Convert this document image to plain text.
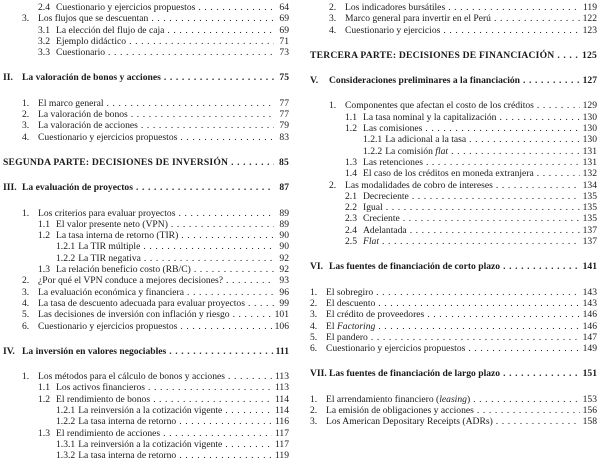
2.4 Cuestionario y ejercicios propuestos . . .	64
3. Los flujos que se descuentan . . .	69
3.1 La elección del flujo de caja . . .	69
3.2 Ejemplo didáctico . . .	71
3.3 Cuestionario . . .	73
II. La valoración de bonos y acciones . . .	75
1. El marco general . . .	77
2. La valoración de bonos . . .	77
3. La valoración de acciones . . .	79
4. Cuestionario y ejercicios propuestos . . .	83
SEGUNDA PARTE: DECISIONES DE INVERSIÓN . . .	85
III. La evaluación de proyectos . . .	87
1. Los criterios para evaluar proyectos . . .	89
1.1 El valor presente neto (VPN) . . .	89
1.2 La tasa interna de retorno (TIR) . . .	90
1.2.1 La TIR múltiple . . .	90
1.2.2 La TIR negativa . . .	92
1.3 La relación beneficio costo (RB/C) . . .	92
2. ¿Por qué el VPN conduce a mejores decisiones? . . .	93
3. La evaluación económica y financiera . . .	96
4. La tasa de descuento adecuada para evaluar proyectos . . .	99
5. Las decisiones de inversión con inflación y riesgo . . .	101
6. Cuestionario y ejercicios propuestos . . .	106
IV. La inversión en valores negociables . . .	111
1. Los métodos para el cálculo de bonos y acciones . . .	113
1.1 Los activos financieros . . .	113
1.2 El rendimiento de bonos . . .	114
1.2.1 La reinversión a la cotización vigente . . .	114
1.2.2 La tasa interna de retorno . . .	116
1.3 El rendimiento de acciones . . .	117
1.3.1 La reinversión a la cotización vigente . . .	117
1.3.2 La tasa interna de retorno . . .	119
2. Los indicadores bursátiles . . .	119
3. Marco general para invertir en el Perú . . .	122
4. Cuestionario y ejercicios . . .	123
TERCERA PARTE: DECISIONES DE FINANCIACIÓN . . .	125
V.	Consideraciones preliminares a la financiación . . .	127
1. Componentes que afectan el costo de los créditos . . .	129
1.1 La tasa nominal y la capitalización . . .	130
1.2 Las comisiones . . .	130
1.2.1 La adicional a la tasa . . .	130
1.2.2 La comisión flat . . .	131
1.3 Las retenciones . . .	131
1.4 El caso de los créditos en moneda extranjera . . .	132
2. Las modalidades de cobro de intereses . . .	134
2.1 Decreciente . . .	135
2.2 Igual . . .	135
2.3 Creciente . . .	135
2.4 Adelantada . . .	137
2.5 Flat . . .	137
VI. Las fuentes de financiación de corto plazo . . .	141
1. El sobregiro . . .	143
2. El descuento . . .	143
3. El crédito de proveedores . . .	146
4. El Factoring . . .	146
5. El pandero . . .	147
6. Cuestionario y ejercicios propuestos . . .	149
VII. Las fuentes de financiación de largo plazo . . .	151
1. El arrendamiento financiero (leasing) . . .	153
2. La emisión de obligaciones y acciones . . .	156
3. Los American Depositary Receipts (ADRs) . . .	158
